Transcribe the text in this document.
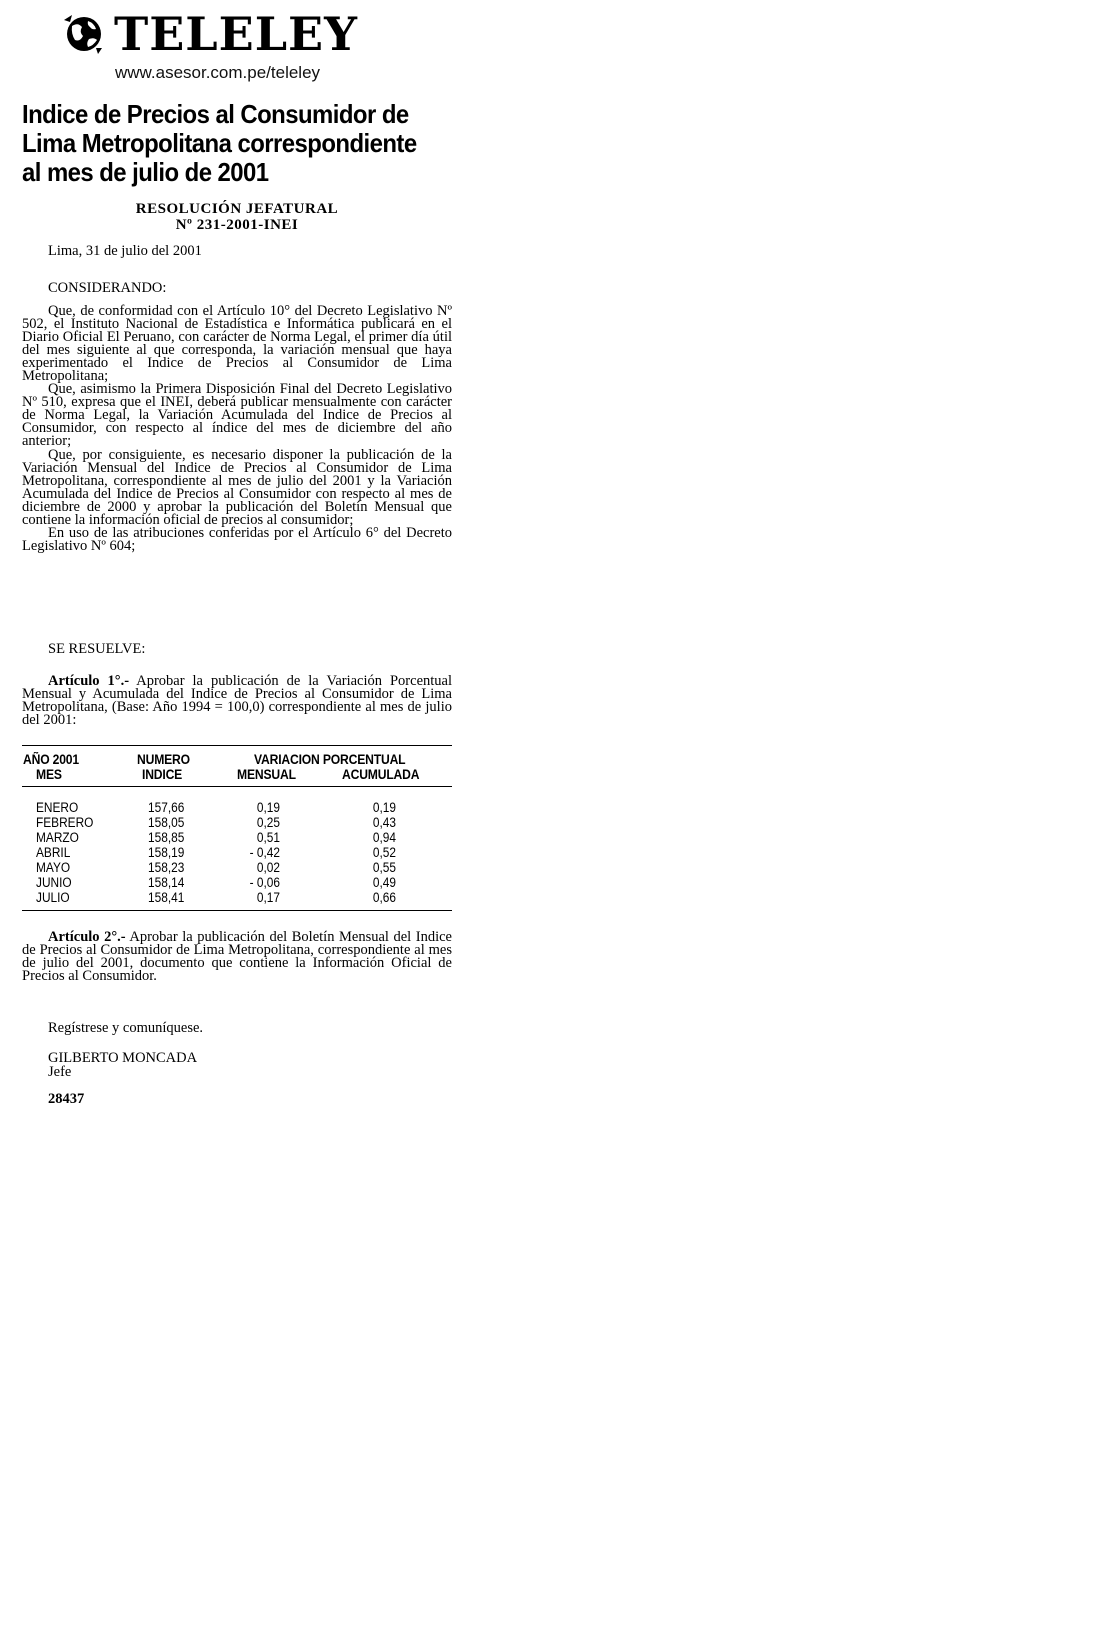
TELELEY
www.asesor.com.pe/teleley
Indice de Precios al Consumidor de Lima Metropolitana correspondiente al mes de julio de 2001
RESOLUCIÓN JEFATURAL
Nº 231-2001-INEI
Lima, 31 de julio del 2001
CONSIDERANDO:

Que, de conformidad con el Artículo 10° del Decreto Legislativo Nº 502, el Instituto Nacional de Estadística e Informática publicará en el Diario Oficial El Peruano, con carácter de Norma Legal, el primer día útil del mes siguiente al que corresponda, la variación mensual que haya experimentado el Indice de Precios al Consumidor de Lima Metropolitana;

Que, asimismo la Primera Disposición Final del Decreto Legislativo Nº 510, expresa que el INEI, deberá publicar mensualmente con carácter de Norma Legal, la Variación Acumulada del Indice de Precios al Consumidor, con respecto al índice del mes de diciembre del año anterior;

Que, por consiguiente, es necesario disponer la publicación de la Variación Mensual del Indice de Precios al Consumidor de Lima Metropolitana, correspondiente al mes de julio del 2001 y la Variación Acumulada del Indice de Precios al Consumidor con respecto al mes de diciembre de 2000 y aprobar la publicación del Boletín Mensual que contiene la información oficial de precios al consumidor;

En uso de las atribuciones conferidas por el Artículo 6° del Decreto Legislativo Nº 604;

SE RESUELVE:

Artículo 1°.- Aprobar la publicación de la Variación Porcentual Mensual y Acumulada del Indice de Precios al Consumidor de Lima Metropolitana, (Base: Año 1994 = 100,0) correspondiente al mes de julio del 2001:

AÑO 2001
MES
NUMERO
INDICE
VARIACION PORCENTUAL
MENSUAL	ACUMULADA
ENERO	157,66	0,19	0,19
FEBRERO	158,05	0,25	0,43
MARZO	158,85	0,51	0,94
ABRIL	158,19	- 0,42	0,52
MAYO	158,23	0,02	0,55
JUNIO	158,14	- 0,06	0,49
JULIO	158,41	0,17	0,66

Artículo 2°.- Aprobar la publicación del Boletín Mensual del Indice de Precios al Consumidor de Lima Metropolitana, correspondiente al mes de julio del 2001, documento que contiene la Información Oficial de Precios al Consumidor.

Regístrese y comuníquese.
GILBERTO MONCADA
Jefe
28437
